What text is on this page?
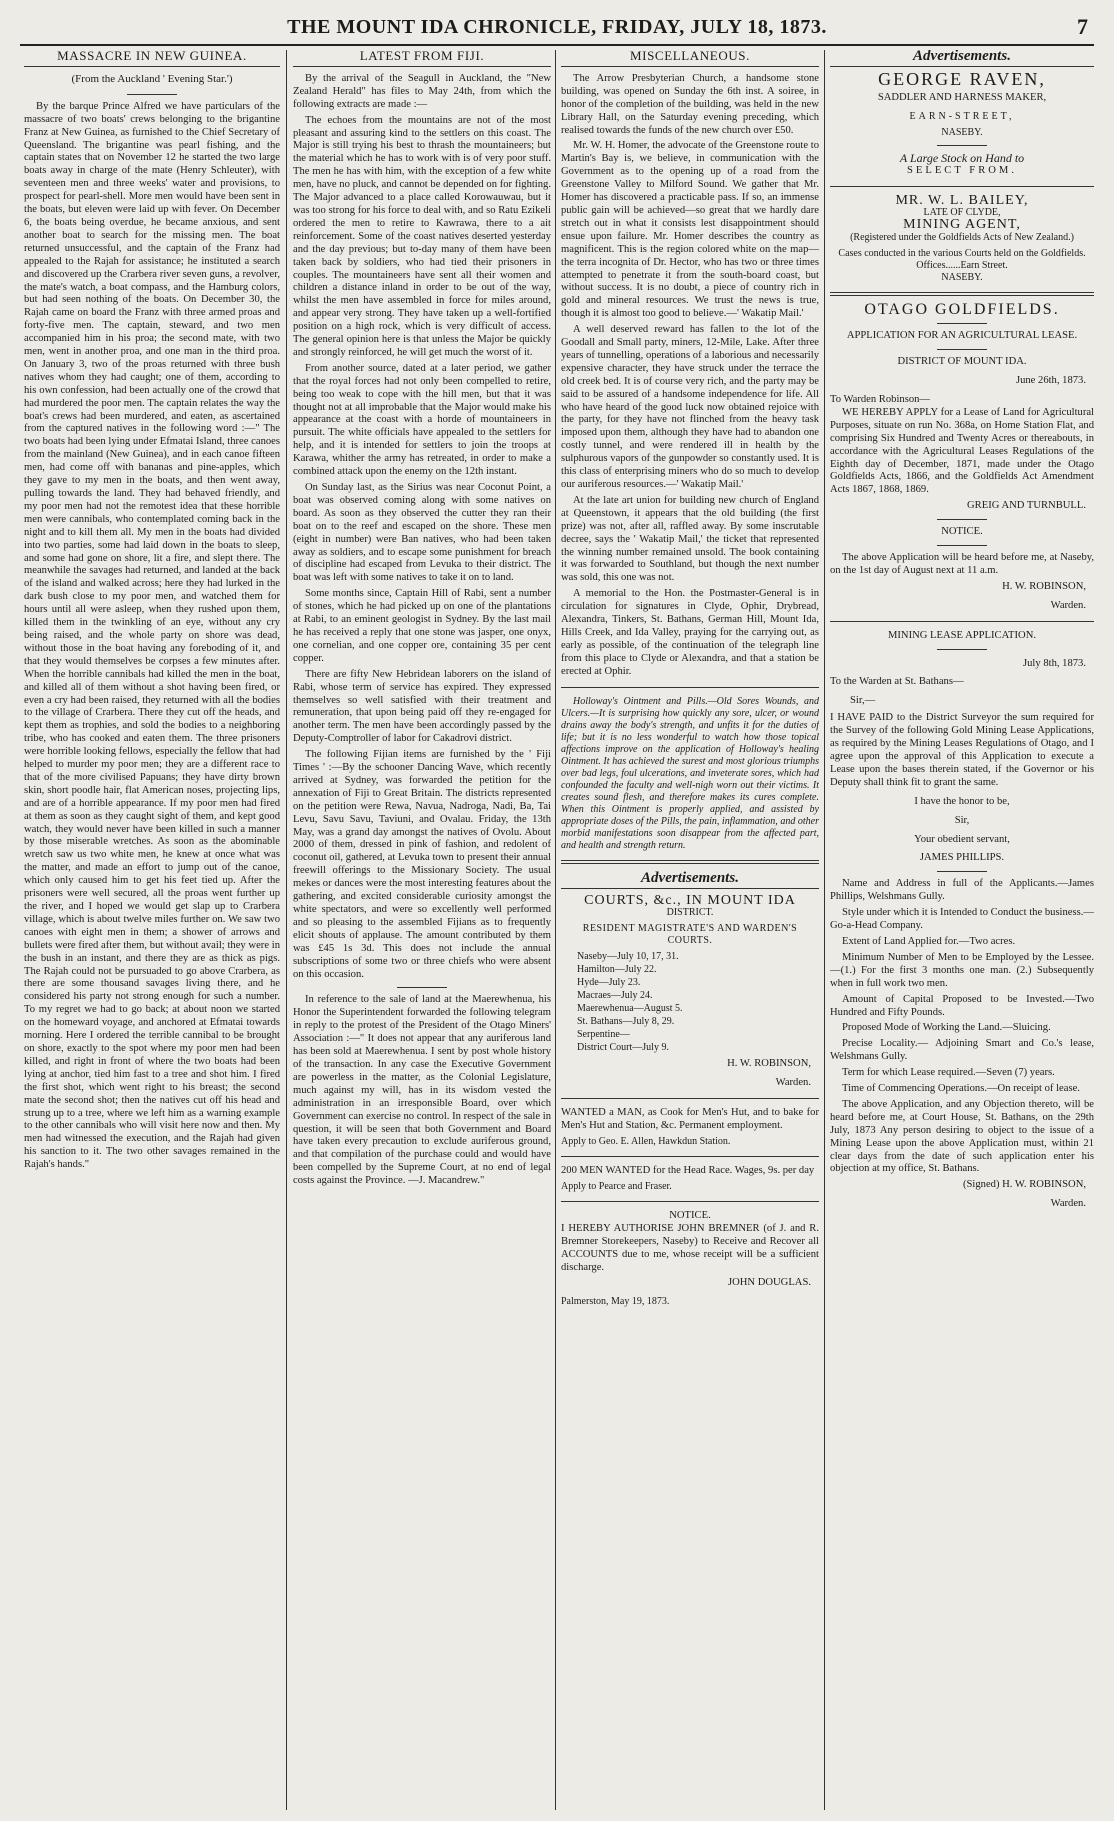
THE MOUNT IDA CHRONICLE, FRIDAY, JULY 18, 1873.	7
MASSACRE IN NEW GUINEA.
(From the Auckland ' Evening Star.')

By the barque Prince Alfred we have particulars of the massacre of two boats' crews belonging to the brigantine Franz at New Guinea, as furnished to the Chief Secretary of Queensland. The brigantine was pearl fishing, and the captain states that on November 12 he started the two large boats away in charge of the mate (Henry Schleuter), with seventeen men and three weeks' water and provisions, to prospect for pearl-shell. More men would have been sent in the boats, but eleven were laid up with fever. On December 6, the boats being overdue, he became anxious, and sent another boat to search for the missing men. The boat returned unsuccessful, and the captain of the Franz had appealed to the Rajah for assistance; he instituted a search and discovered up the Crarbera river seven guns, a revolver, the mate's watch, a boat compass, and the Hamburg colors, but had seen nothing of the boats. On December 30, the Rajah came on board the Franz with three armed proas and forty-five men. The captain, steward, and two men accompanied him in his proa; the second mate, with two men, went in another proa, and one man in the third proa. On January 3, two of the proas returned with three bush natives whom they had caught; one of them, according to his own confession, had been actually one of the crowd that had murdered the poor men. The captain relates the way the boat's crews had been murdered, and eaten, as ascertained from the captured natives in the following word :—" The two boats had been lying under Efmatai Island, three canoes from the mainland (New Guinea), and in each canoe fifteen men, had come off with bananas and pine-apples, which they gave to my men in the boats, and then went away, pulling towards the land. They had behaved friendly, and my poor men had not the remotest idea that these horrible men were cannibals, who contemplated coming back in the night and to kill them all. My men in the boats had divided into two parties, some had laid down in the boats to sleep, and some had gone on shore, lit a fire, and slept there. The meanwhile the savages had returned, and landed at the back of the island and walked across; here they had lurked in the dark bush close to my poor men, and watched them for hours until all were asleep, when they rushed upon them, killed them in the twinkling of an eye, without any cry being raised, and the whole party on shore was dead, without those in the boat having any foreboding of it, and that they would themselves be corpses a few minutes after. When the horrible cannibals had killed the men in the boat, and killed all of them without a shot having been fired, or even a cry had been raised, they returned with all the bodies to the village of Crarbera. There they cut off the heads, and kept them as trophies, and sold the bodies to a neighboring tribe, who has cooked and eaten them. The three prisoners were horrible looking fellows, especially the fellow that had helped to murder my poor men; they are a different race to that of the more civilised Papuans; they have dirty brown skin, short poodle hair, flat American noses, projecting lips, and are of a horrible appearance. If my poor men had fired at them as soon as they caught sight of them, and kept good watch, they would never have been killed in such a manner by those miserable wretches. As soon as the abominable wretch saw us two white men, he knew at once what was the matter, and made an effort to jump out of the canoe, which only caused him to get his feet tied up. After the prisoners were well secured, all the proas went further up the river, and I hoped we would get slap up to Crarbera village, which is about twelve miles further on. We saw two canoes with eight men in them; a shower of arrows and bullets were fired after them, but without avail; they were in the bush in an instant, and there they are as thick as pigs. The Rajah could not be pursuaded to go above Crarbera, as there are some thousand savages living there, and he considered his party not strong enough for such a number. To my regret we had to go back; at about noon we started on the homeward voyage, and anchored at Efmatai towards morning. Here I ordered the terrible cannibal to be brought on shore, exactly to the spot where my poor men had been killed, and right in front of where the two boats had been lying at anchor, tied him fast to a tree and shot him. I fired the first shot, which went right to his breast; the second mate the second shot; then the natives cut off his head and strung up to a tree, where we left him as a warning example to the other cannibals who will visit here now and then. My men had witnessed the execution, and the Rajah had given his sanction to it. The two other savages remained in the Rajah's hands."

LATEST FROM FIJI.

By the arrival of the Seagull in Auckland, the "New Zealand Herald" has files to May 24th, from which the following extracts are made :—

The echoes from the mountains are not of the most pleasant and assuring kind to the settlers on this coast. The Major is still trying his best to thrash the mountaineers; but the material which he has to work with is of very poor stuff. The men he has with him, with the exception of a few white men, have no pluck, and cannot be depended on for fighting. The Major advanced to a place called Korowauwau, but it was too strong for his force to deal with, and so Ratu Ezikeli ordered the men to retire to Kawrawa, there to a ait reinforcement. Some of the coast natives deserted yesterday and the day previous; but to-day many of them have been taken back by soldiers, who had tied their prisoners in couples. The mountaineers have sent all their women and children a distance inland in order to be out of the way, whilst the men have assembled in force for miles around, and appear very strong. They have taken up a well-fortified position on a high rock, which is very difficult of access. The general opinion here is that unless the Major be quickly and strongly reinforced, he will get much the worst of it.

From another source, dated at a later period, we gather that the royal forces had not only been compelled to retire, being too weak to cope with the hill men, but that it was thought not at all improbable that the Major would make his appearance at the coast with a horde of mountaineers in pursuit. The white officials have appealed to the settlers for help, and it is intended for settlers to join the troops at Karawa, whither the army has retreated, in order to make a combined attack upon the enemy on the 12th instant.

On Sunday last, as the Sirius was near Coconut Point, a boat was observed coming along with some natives on board. As soon as they observed the cutter they ran their boat on to the reef and escaped on the shore. These men (eight in number) were Ban natives, who had been taken away as soldiers, and to escape some punishment for breach of discipline had escaped from Levuka to their district. The boat was left with some natives to take it on to land.

Some months since, Captain Hill of Rabi, sent a number of stones, which he had picked up on one of the plantations at Rabi, to an eminent geologist in Sydney. By the last mail he has received a reply that one stone was jasper, one onyx, one cornelian, and one copper ore, containing 35 per cent copper.

There are fifty New Hebridean laborers on the island of Rabi, whose term of service has expired. They expressed themselves so well satisfied with their treatment and remuneration, that upon being paid off they re-engaged for another term. The men have been accordingly passed by the Deputy-Comptroller of labor for Cakadrovi district.

The following Fijian items are furnished by the ' Fiji Times ' :—By the schooner Dancing Wave, which recently arrived at Sydney, was forwarded the petition for the annexation of Fiji to Great Britain. The districts represented on the petition were Rewa, Navua, Nadroga, Nadi, Ba, Tai Levu, Savu Savu, Taviuni, and Ovalau. Friday, the 13th May, was a grand day amongst the natives of Ovolu. About 2000 of them, dressed in pink of fashion, and redolent of coconut oil, gathered, at Levuka town to present their annual freewill offerings to the Missionary Society. The usual mekes or dances were the most interesting features about the gathering, and excited considerable curiosity amongst the white spectators, and were so excellently well performed and so pleasing to the assembled Fijians as to frequently elicit shouts of applause. The amount contributed by them was £45 1s 3d. This does not include the annual subscriptions of some two or three chiefs who were absent on this occasion.

In reference to the sale of land at the Maerewhenua, his Honor the Superintendent forwarded the following telegram in reply to the protest of the President of the Otago Miners' Association :—" It does not appear that any auriferous land has been sold at Maerewhenua. I sent by post whole history of the transaction. In any case the Executive Government are powerless in the matter, as the Colonial Legislature, much against my will, has in its wisdom vested the administration in an irresponsible Board, over which Government can exercise no control. In respect of the sale in question, it will be seen that both Government and Board have taken every precaution to exclude auriferous ground, and that compilation of the purchase could and would have been compelled by the Supreme Court, at no end of legal costs against the Province. —J. Macandrew."

MISCELLANEOUS.

The Arrow Presbyterian Church, a handsome stone building, was opened on Sunday the 6th inst. A soiree, in honor of the completion of the building, was held in the new Library Hall, on the Saturday evening preceding, which realised towards the funds of the new church over £50.

Mr. W. H. Homer, the advocate of the Greenstone route to Martin's Bay is, we believe, in communication with the Government as to the opening up of a road from the Greenstone Valley to Milford Sound. We gather that Mr. Homer has discovered a practicable pass. If so, an immense public gain will be achieved—so great that we hardly dare stretch out in what it consists lest disappointment should ensue upon failure. Mr. Homer describes the country as magnificent. This is the region colored white on the map—the terra incognita of Dr. Hector, who has two or three times attempted to penetrate it from the south-board coast, but without success. It is no doubt, a piece of country rich in gold and mineral resources. We trust the news is true, though it is almost too good to believe.—' Wakatip Mail.'

A well deserved reward has fallen to the lot of the Goodall and Small party, miners, 12-Mile, Lake. After three years of tunnelling, operations of a laborious and necessarily expensive character, they have struck under the terrace the old creek bed. It is of course very rich, and the party may be said to be assured of a handsome independence for life. All who have heard of the good luck now obtained rejoice with the party, for they have not flinched from the heavy task imposed upon them, although they have had to abandon one costly tunnel, and were rendered ill in health by the sulphurous vapors of the gunpowder so constantly used. It is this class of enterprising miners who do so much to develop our auriferous resources.—' Wakatip Mail.'

At the late art union for building new church of England at Queenstown, it appears that the old building (the first prize) was not, after all, raffled away. By some inscrutable decree, says the ' Wakatip Mail,' the ticket that represented the winning number remained unsold. The book containing it was forwarded to Southland, but though the next number was sold, this one was not.

A memorial to the Hon. the Postmaster-General is in circulation for signatures in Clyde, Ophir, Drybread, Alexandra, Tinkers, St. Bathans, German Hill, Mount Ida, Hills Creek, and Ida Valley, praying for the carrying out, as early as possible, of the continuation of the telegraph line from this place to Clyde or Alexandra, and that a station be erected at Ophir.

Holloway's Ointment and Pills.—Old Sores Wounds, and Ulcers.—It is surprising how quickly any sore, ulcer, or wound drains away the body's strength, and unfits it for the duties of life; but it is no less wonderful to watch how those topical affections improve on the application of Holloway's healing Ointment. It has achieved the surest and most glorious triumphs over bad legs, foul ulcerations, and inveterate sores, which had confounded the faculty and well-nigh worn out their victims. It creates sound flesh, and therefore makes its cures complete. When this Ointment is properly applied, and assisted by appropriate doses of the Pills, the pain, inflammation, and other morbid manifestations soon disappear from the affected part, and health and strength return.

Advertisements.
COURTS, &c., IN MOUNT IDA
DISTRICT.
RESIDENT MAGISTRATE'S AND WARDEN'S COURTS.
Naseby—July 10, 17, 31.
Hamilton—July 22.
Hyde—July 23.
Macraes—July 24.
Maerewhenua—August 5.
St. Bathans—July 8, 29.
Serpentine—
District Court—July 9.
H. W. ROBINSON,
Warden.

WANTED a MAN, as Cook for Men's Hut, and to bake for Men's Hut and Station, &c. Permanent employment.

Apply to Geo. E. Allen, Hawkdun Station.

200 MEN WANTED for the Head Race. Wages, 9s. per day

Apply to Pearce and Fraser.

NOTICE.

I HEREBY AUTHORISE JOHN BREMNER (of J. and R. Bremner Storekeepers, Naseby) to Receive and Recover all ACCOUNTS due to me, whose receipt will be a sufficient discharge.

JOHN DOUGLAS.
Palmerston, May 19, 1873.
Advertisements.
GEORGE RAVEN,
SADDLER AND HARNESS MAKER,
EARN-STREET,
NASEBY.
A Large Stock on Hand to
SELECT FROM.
MR. W. L. BAILEY,
LATE OF CLYDE,
MINING AGENT,
(Registered under the Goldfields Acts of New Zealand.)
Cases conducted in the various Courts held on the Goldfields.
Offices......Earn Street.
NASEBY.
OTAGO GOLDFIELDS.
APPLICATION FOR AN AGRICULTURAL LEASE.
DISTRICT OF MOUNT IDA.
June 26th, 1873.
To Warden Robinson—

WE HEREBY APPLY for a Lease of Land for Agricultural Purposes, situate on run No. 368a, on Home Station Flat, and comprising Six Hundred and Twenty Acres or thereabouts, in accordance with the Agricultural Leases Regulations of the Eighth day of December, 1871, made under the Otago Goldfields Acts, 1866, and the Goldfields Act Amendment Acts 1867, 1868, 1869.

GREIG AND TURNBULL.
NOTICE.

The above Application will be heard before me, at Naseby, on the 1st day of August next at 11 a.m.

H. W. ROBINSON,
Warden.
MINING LEASE APPLICATION.
July 8th, 1873.
To the Warden at St. Bathans—
Sir,—

I HAVE PAID to the District Surveyor the sum required for the Survey of the following Gold Mining Lease Applications, as required by the Mining Leases Regulations of Otago, and I agree upon the approval of this Application to execute a Lease upon the bases therein stated, if the Governor or his Deputy shall think fit to grant the same.

I have the honor to be,
Sir,
Your obedient servant,
JAMES PHILLIPS.

Name and Address in full of the Applicants.—James Phillips, Welshmans Gully.

Style under which it is Intended to Conduct the business.—Go-a-Head Company.

Extent of Land Applied for.—Two acres.

Minimum Number of Men to be Employed by the Lessee.—(1.) For the first 3 months one man. (2.) Subsequently when in full work two men.

Amount of Capital Proposed to be Invested.—Two Hundred and Fifty Pounds.

Proposed Mode of Working the Land.—Sluicing.

Precise Locality.— Adjoining Smart and Co.'s lease, Welshmans Gully.

Term for which Lease required.—Seven (7) years.

Time of Commencing Operations.—On receipt of lease.

The above Application, and any Objection thereto, will be heard before me, at Court House, St. Bathans, on the 29th July, 1873 Any person desiring to object to the issue of a Mining Lease upon the above Application must, within 21 clear days from the date of such application enter his objection at my office, St. Bathans.

(Signed) H. W. ROBINSON,
Warden.
